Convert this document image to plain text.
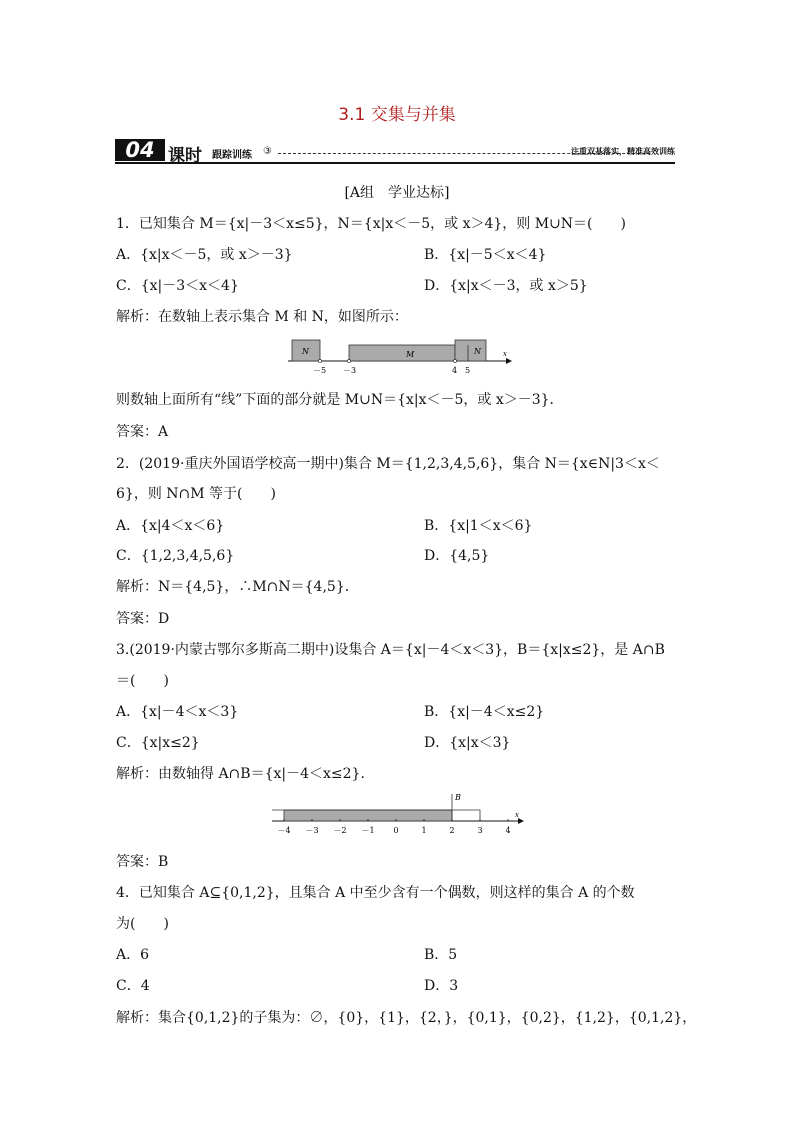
3.1 交集与并集
04 课时 跟踪训练 ③	注重双基落实，精准高效训练
[A组　学业达标]
1．已知集合 M＝{x|－3＜x≤5}，N＝{x|x＜－5，或 x＞4}，则 M∪N＝(　　)
A．{x|x＜－5，或 x＞－3}	B．{x|－5＜x＜4}
C．{x|－3＜x＜4}	D．{x|x＜－3，或 x＞5}
解析：在数轴上表示集合 M 和 N，如图所示：
N	M	N	x
－5 －3	4 5
则数轴上面所有“线”下面的部分就是 M∪N＝{x|x＜－5，或 x＞－3}．
答案：A
2．(2019·重庆外国语学校高一期中)集合 M＝{1,2,3,4,5,6}，集合 N＝{x∈N|3＜x＜
6}，则 N∩M 等于(　　)
A．{x|4＜x＜6}	B．{x|1＜x＜6}
C．{1,2,3,4,5,6}	D．{4,5}
解析：N＝{4,5}，∴M∩N＝{4,5}．
答案：D
3.(2019·内蒙古鄂尔多斯高二期中)设集合 A＝{x|－4＜x＜3}，B＝{x|x≤2}，是 A∩B
＝(　　)
A．{x|－4＜x＜3}	B．{x|－4＜x≤2}
C．{x|x≤2}	D．{x|x＜3}
解析：由数轴得 A∩B＝{x|－4＜x≤2}．
B
x
－4 －3 －2 －1 0	1	2	3	4
答案：B
4．已知集合 A⊆{0,1,2}，且集合 A 中至少含有一个偶数，则这样的集合 A 的个数
为(　　)
A．6	B．5
C．4	D．3
解析：集合{0,1,2}的子集为：∅，{0}，{1}，{2，}，{0,1}，{0,2}，{1,2}，{0,1,2}，
